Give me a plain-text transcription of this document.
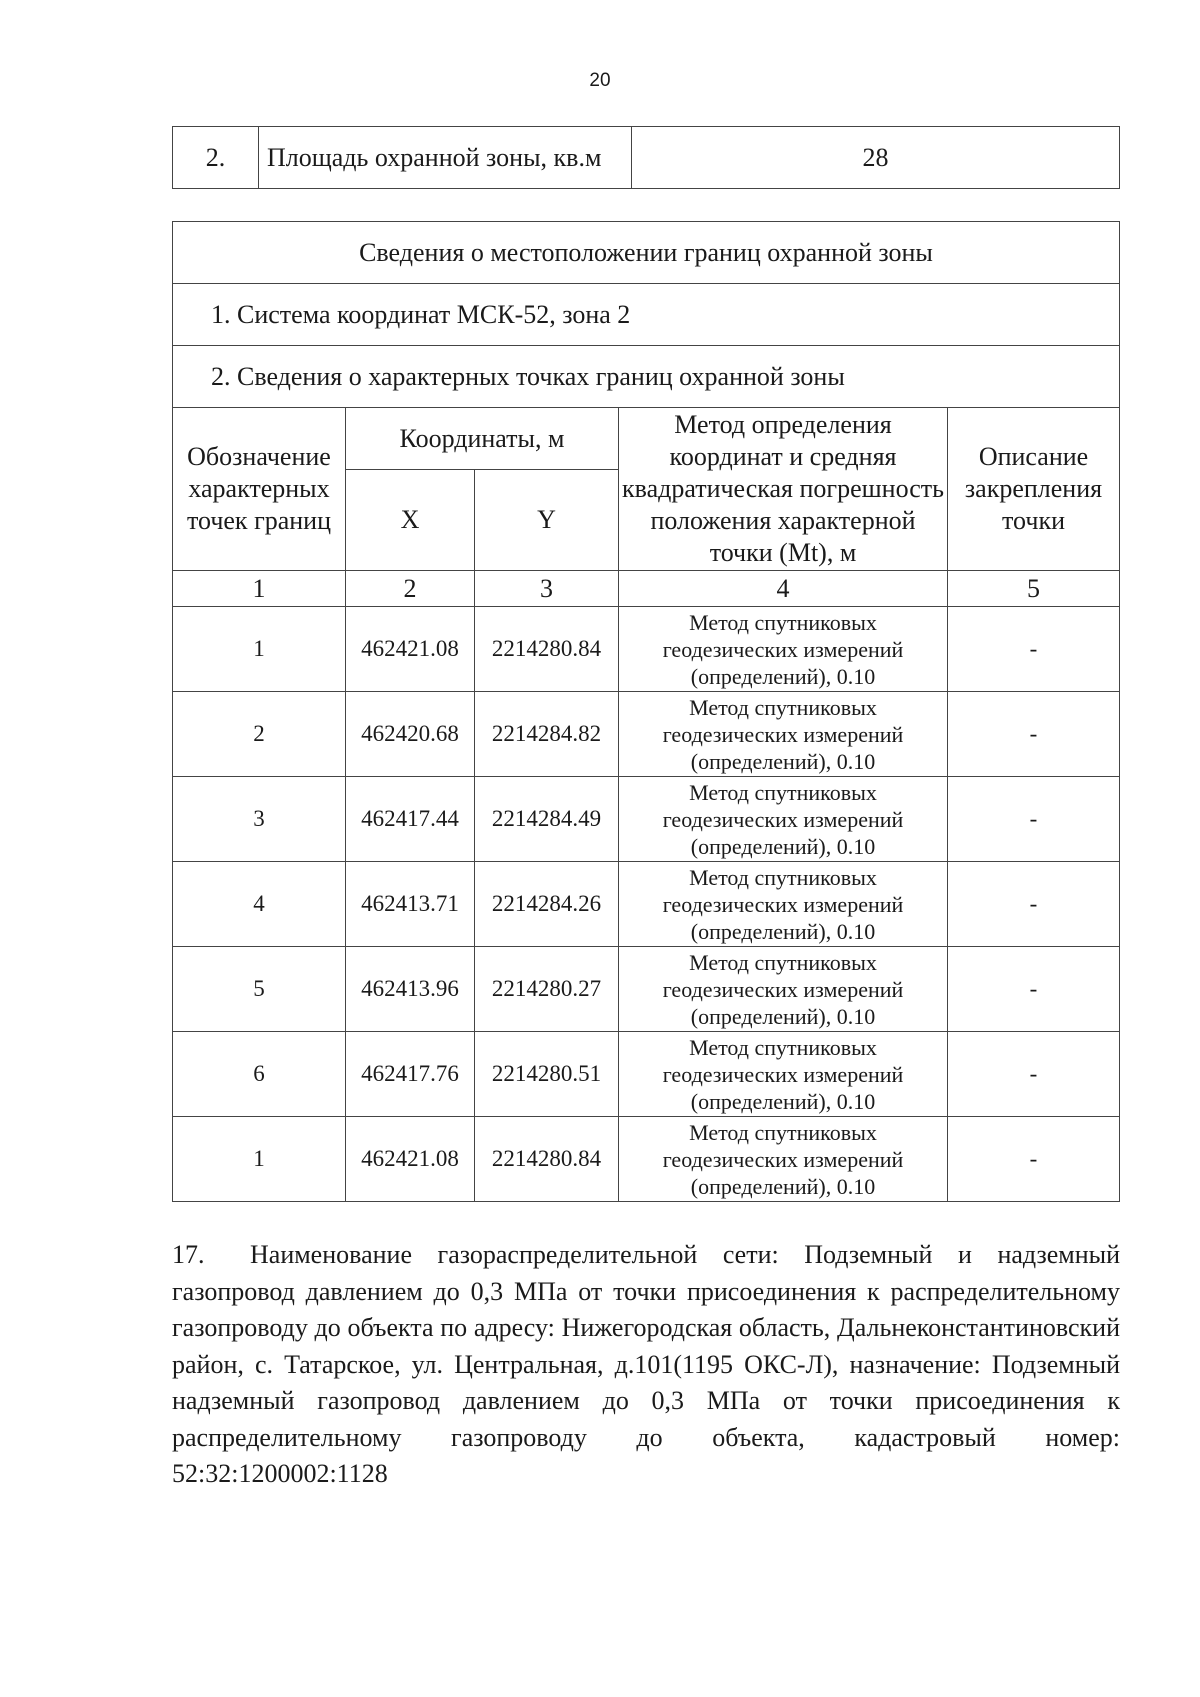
20
2.	Площадь охранной зоны, кв.м	28
Сведения о местоположении границ охранной зоны				
1. Система координат МСК-52, зона 2				
2. Сведения о характерных точках границ охранной зоны				
Обозначение характерных точек границ	Координаты, м		Метод определения координат и средняя квадратическая погрешность положения характерной точки (Mt), м	Описание закрепления точки
	X	Y		
1	2	3	4	5
1	462421.08	2214280.84	Метод спутниковых геодезических измерений (определений), 0.10	-
2	462420.68	2214284.82	Метод спутниковых геодезических измерений (определений), 0.10	-
3	462417.44	2214284.49	Метод спутниковых геодезических измерений (определений), 0.10	-
4	462413.71	2214284.26	Метод спутниковых геодезических измерений (определений), 0.10	-
5	462413.96	2214280.27	Метод спутниковых геодезических измерений (определений), 0.10	-
6	462417.76	2214280.51	Метод спутниковых геодезических измерений (определений), 0.10	-
1	462421.08	2214280.84	Метод спутниковых геодезических измерений (определений), 0.10	-
17. Наименование газораспределительной сети: Подземный и надземный газопровод давлением до 0,3 МПа от точки присоединения к распределительному газопроводу до объекта по адресу: Нижегородская область, Дальнеконстантиновский район, с. Татарское, ул. Центральная, д.101(1195 ОКС-Л), назначение: Подземный надземный газопровод давлением до 0,3 МПа от точки присоединения к распределительному газопроводу до объекта, кадастровый номер: 52:32:1200002:1128
